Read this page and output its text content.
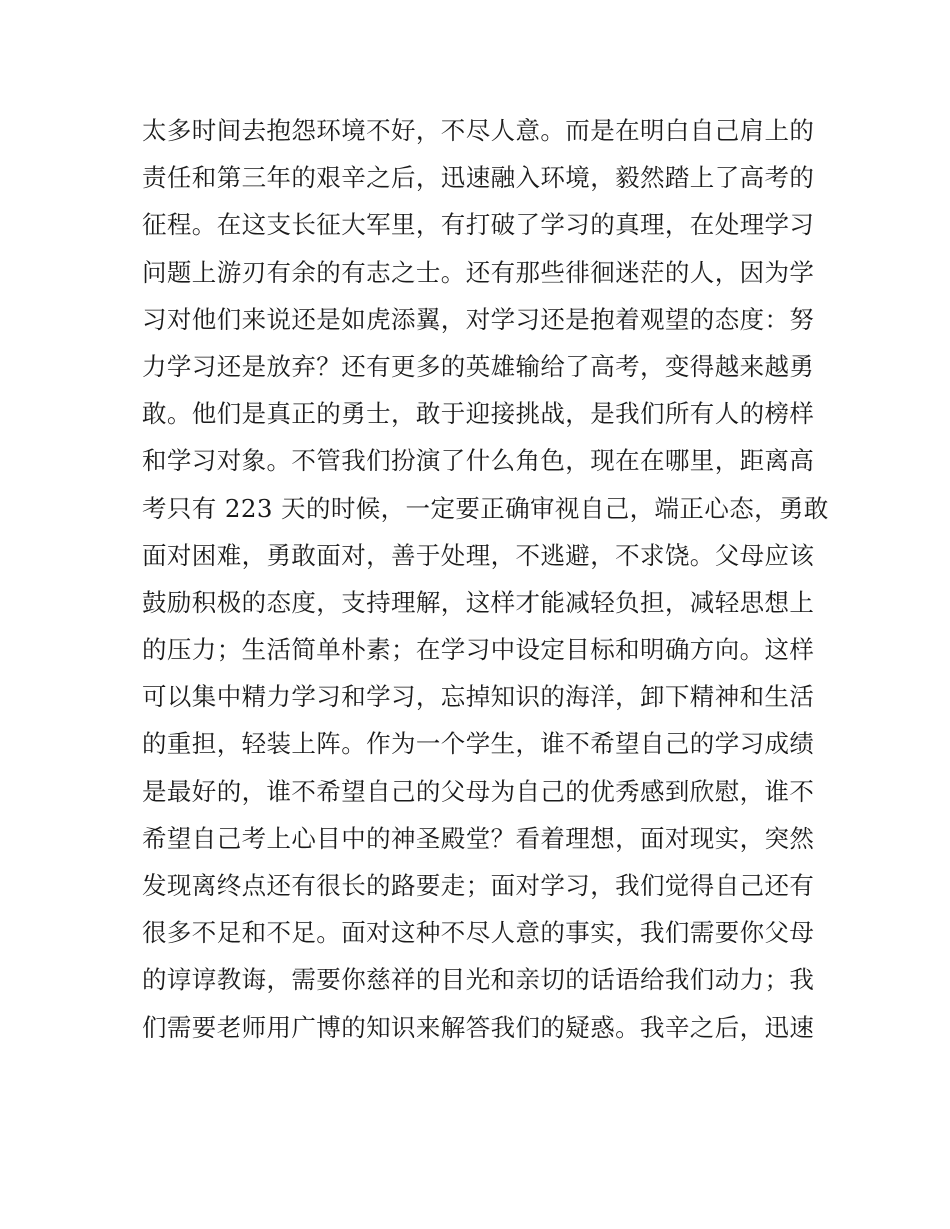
太多时间去抱怨环境不好，不尽人意。而是在明白自己肩上的
责任和第三年的艰辛之后，迅速融入环境，毅然踏上了高考的
征程。在这支长征大军里，有打破了学习的真理，在处理学习
问题上游刃有余的有志之士。还有那些徘徊迷茫的人，因为学
习对他们来说还是如虎添翼，对学习还是抱着观望的态度：努
力学习还是放弃？还有更多的英雄输给了高考，变得越来越勇
敢。他们是真正的勇士，敢于迎接挑战，是我们所有人的榜样
和学习对象。不管我们扮演了什么角色，现在在哪里，距离高
考只有 223 天的时候，一定要正确审视自己，端正心态，勇敢
面对困难，勇敢面对，善于处理，不逃避，不求饶。父母应该
鼓励积极的态度，支持理解，这样才能减轻负担，减轻思想上
的压力；生活简单朴素；在学习中设定目标和明确方向。这样
可以集中精力学习和学习，忘掉知识的海洋，卸下精神和生活
的重担，轻装上阵。作为一个学生，谁不希望自己的学习成绩
是最好的，谁不希望自己的父母为自己的优秀感到欣慰，谁不
希望自己考上心目中的神圣殿堂？看着理想，面对现实，突然
发现离终点还有很长的路要走；面对学习，我们觉得自己还有
很多不足和不足。面对这种不尽人意的事实，我们需要你父母
的谆谆教诲，需要你慈祥的目光和亲切的话语给我们动力；我
们需要老师用广博的知识来解答我们的疑惑。我辛之后，迅速
